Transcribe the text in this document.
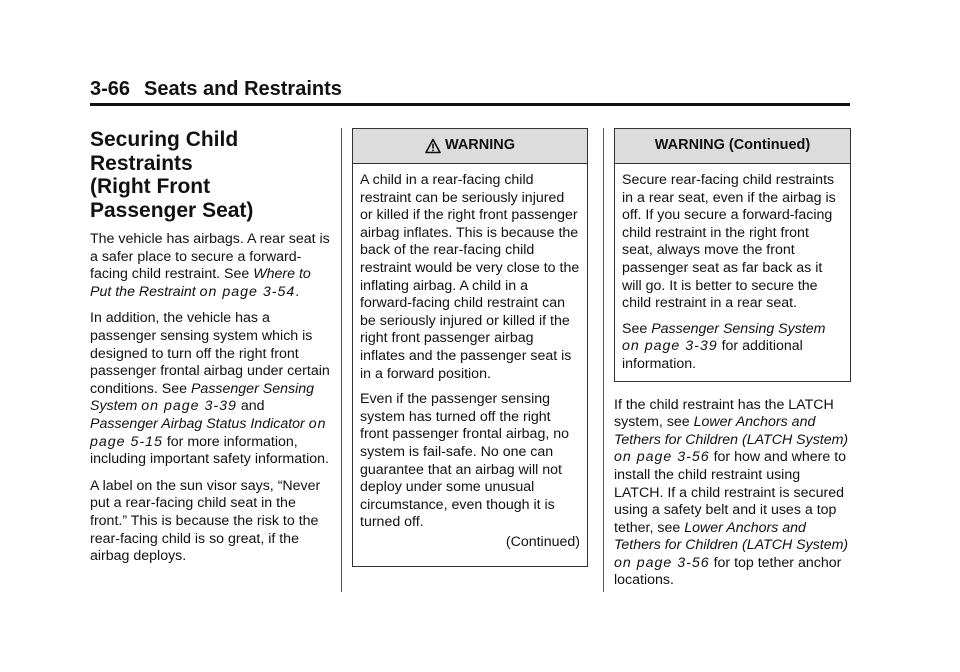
3-66 Seats and Restraints
Securing Child Restraints
(Right Front
Passenger Seat)

The vehicle has airbags. A rear seat is a safer place to secure a forward-facing child restraint. See Where to Put the Restraint on page 3-54.

In addition, the vehicle has a passenger sensing system which is designed to turn off the right front passenger frontal airbag under certain conditions. See Passenger Sensing System on page 3-39 and Passenger Airbag Status Indicator on page 5-15 for more information, including important safety information.

A label on the sun visor says, “Never put a rear-facing child seat in the front.” This is because the risk to the rear-facing child is so great, if the airbag deploys.

WARNING

A child in a rear-facing child restraint can be seriously injured or killed if the right front passenger airbag inflates. This is because the back of the rear-facing child restraint would be very close to the inflating airbag. A child in a forward-facing child restraint can be seriously injured or killed if the right front passenger airbag inflates and the passenger seat is in a forward position.

Even if the passenger sensing system has turned off the right front passenger frontal airbag, no system is fail-safe. No one can guarantee that an airbag will not deploy under some unusual circumstance, even though it is turned off.

(Continued)

WARNING (Continued)

Secure rear-facing child restraints in a rear seat, even if the airbag is off. If you secure a forward-facing child restraint in the right front seat, always move the front passenger seat as far back as it will go. It is better to secure the child restraint in a rear seat.

See Passenger Sensing System on page 3-39 for additional information.

If the child restraint has the LATCH system, see Lower Anchors and Tethers for Children (LATCH System) on page 3-56 for how and where to install the child restraint using LATCH. If a child restraint is secured using a safety belt and it uses a top tether, see Lower Anchors and Tethers for Children (LATCH System) on page 3-56 for top tether anchor locations.
